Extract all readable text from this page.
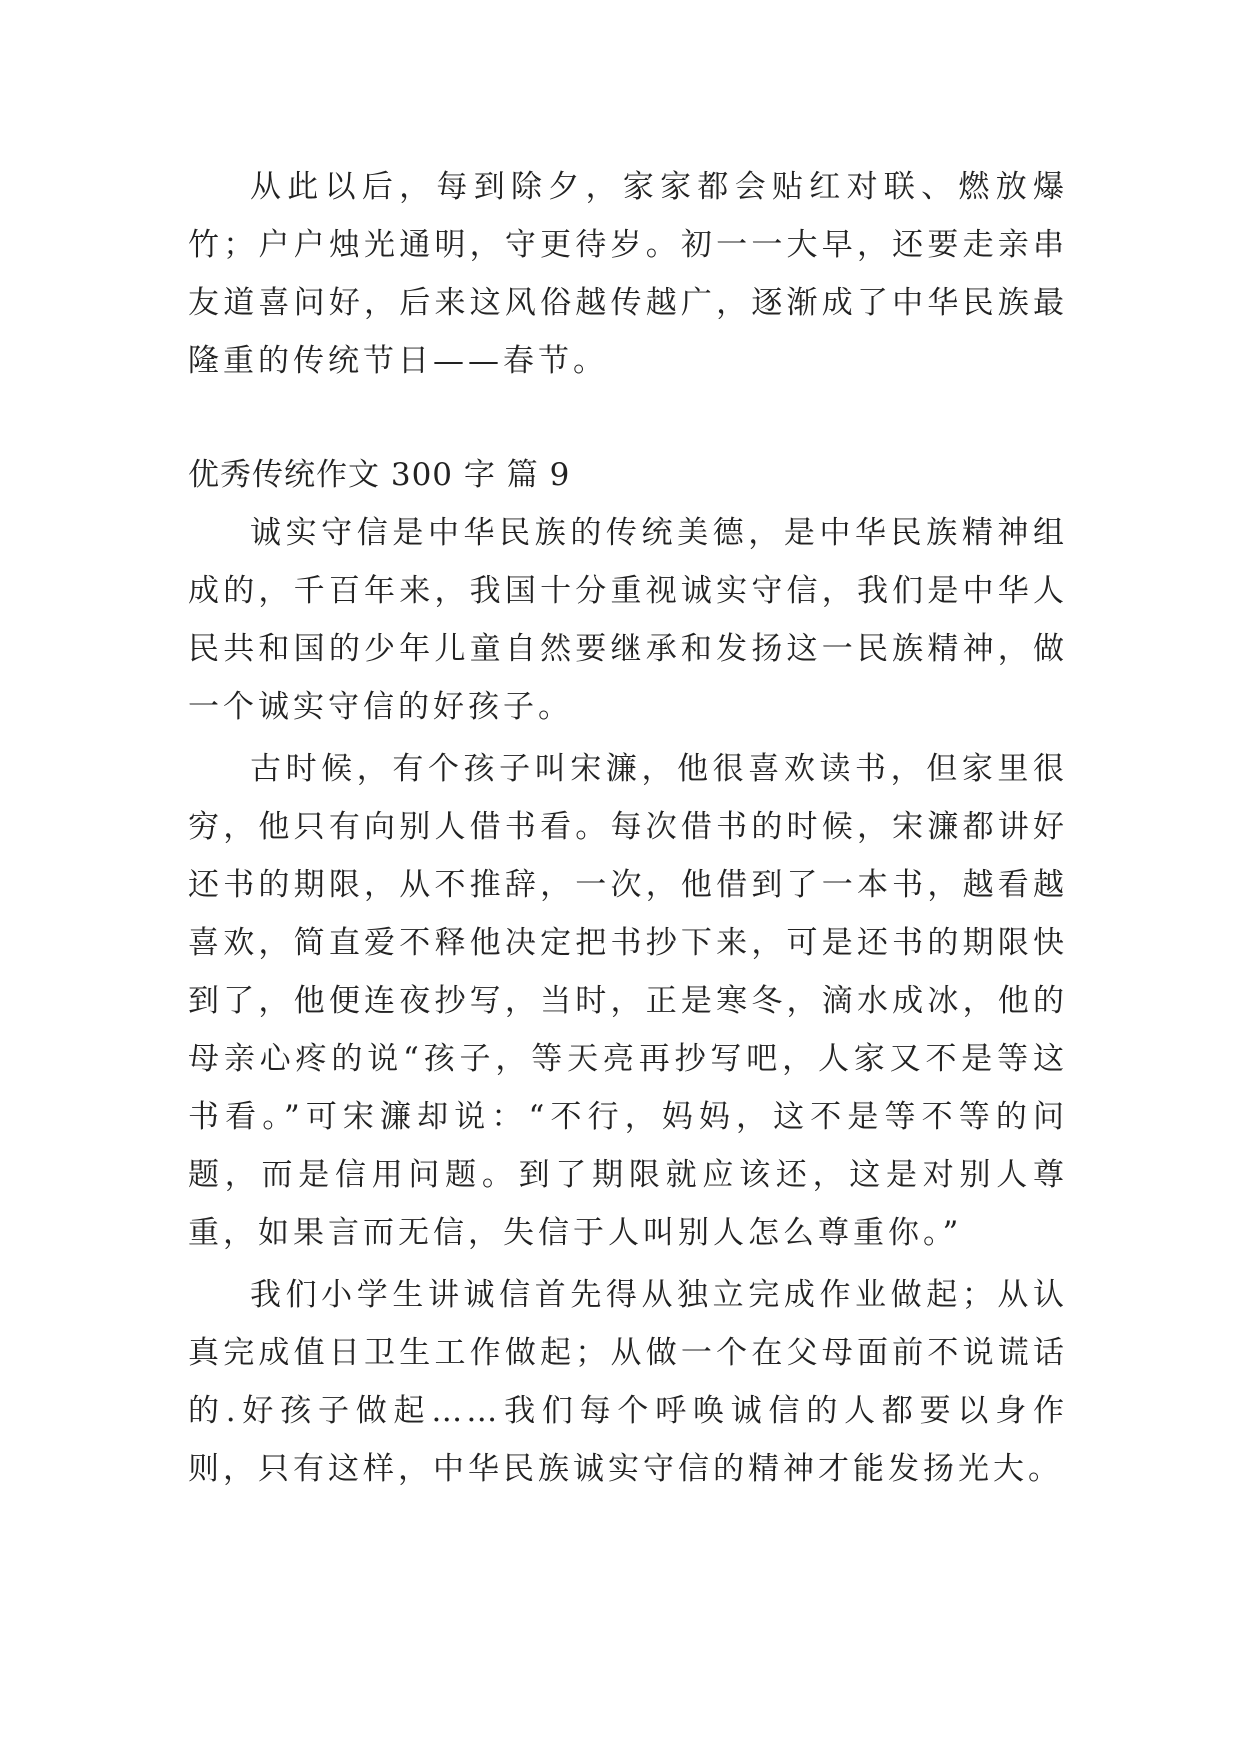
从此以后，每到除夕，家家都会贴红对联、燃放爆竹；户户烛光通明，守更待岁。初一一大早，还要走亲串友道喜问好，后来这风俗越传越广，逐渐成了中华民族最隆重的传统节日——春节。

优秀传统作文 300 字 篇 9

诚实守信是中华民族的传统美德，是中华民族精神组成的，千百年来，我国十分重视诚实守信，我们是中华人民共和国的少年儿童自然要继承和发扬这一民族精神，做一个诚实守信的好孩子。

古时候，有个孩子叫宋濂，他很喜欢读书，但家里很穷，他只有向别人借书看。每次借书的时候，宋濂都讲好还书的期限，从不推辞，一次，他借到了一本书，越看越喜欢，简直爱不释他决定把书抄下来，可是还书的期限快到了，他便连夜抄写，当时，正是寒冬，滴水成冰，他的母亲心疼的说“孩子，等天亮再抄写吧，人家又不是等这书看。”可宋濂却说：“不行，妈妈，这不是等不等的问题，而是信用问题。到了期限就应该还，这是对别人尊重，如果言而无信，失信于人叫别人怎么尊重你。”

我们小学生讲诚信首先得从独立完成作业做起；从认真完成值日卫生工作做起；从做一个在父母面前不说谎话的.好孩子做起……我们每个呼唤诚信的人都要以身作则，只有这样，中华民族诚实守信的精神才能发扬光大。
